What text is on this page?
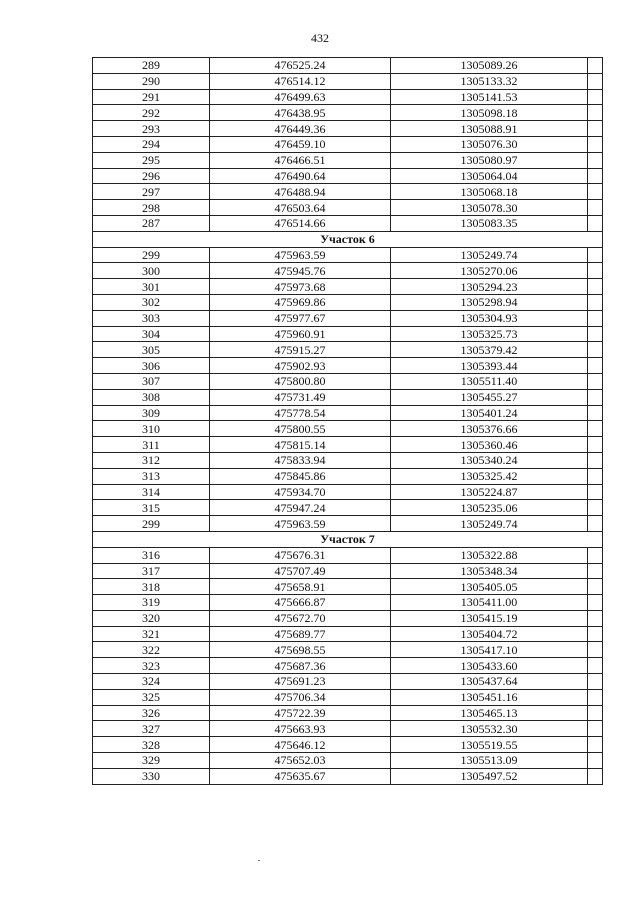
432
289	476525.24	1305089.26	
290	476514.12	1305133.32	
291	476499.63	1305141.53	
292	476438.95	1305098.18	
293	476449.36	1305088.91	
294	476459.10	1305076.30	
295	476466.51	1305080.97	
296	476490.64	1305064.04	
297	476488.94	1305068.18	
298	476503.64	1305078.30	
287	476514.66	1305083.35	
Участок 6			
299	475963.59	1305249.74	
300	475945.76	1305270.06	
301	475973.68	1305294.23	
302	475969.86	1305298.94	
303	475977.67	1305304.93	
304	475960.91	1305325.73	
305	475915.27	1305379.42	
306	475902.93	1305393.44	
307	475800.80	1305511.40	
308	475731.49	1305455.27	
309	475778.54	1305401.24	
310	475800.55	1305376.66	
311	475815.14	1305360.46	
312	475833.94	1305340.24	
313	475845.86	1305325.42	
314	475934.70	1305224.87	
315	475947.24	1305235.06	
299	475963.59	1305249.74	
Участок 7			
316	475676.31	1305322.88	
317	475707.49	1305348.34	
318	475658.91	1305405.05	
319	475666.87	1305411.00	
320	475672.70	1305415.19	
321	475689.77	1305404.72	
322	475698.55	1305417.10	
323	475687.36	1305433.60	
324	475691.23	1305437.64	
325	475706.34	1305451.16	
326	475722.39	1305465.13	
327	475663.93	1305532.30	
328	475646.12	1305519.55	
329	475652.03	1305513.09	
330	475635.67	1305497.52	
